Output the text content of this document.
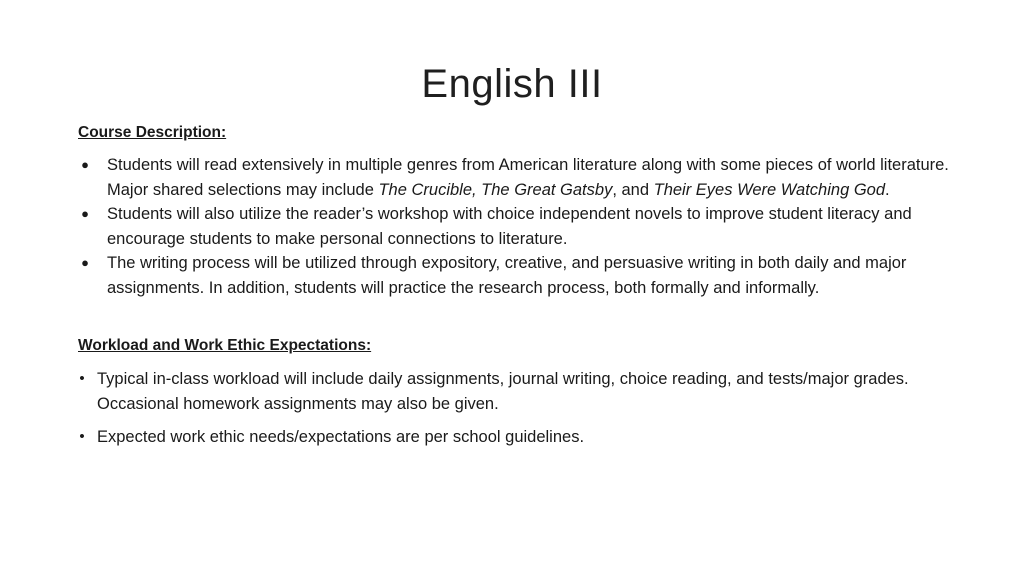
English III

Course Description:

● Students will read extensively in multiple genres from American literature along with some pieces of world literature. Major shared selections may include The Crucible, The Great Gatsby, and Their Eyes Were Watching God.
● Students will also utilize the reader’s workshop with choice independent novels to improve student literacy and encourage students to make personal connections to literature.
● The writing process will be utilized through expository, creative, and persuasive writing in both daily and major assignments. In addition, students will practice the research process, both formally and informally.

Workload and Work Ethic Expectations:

• Typical in-class workload will include daily assignments, journal writing, choice reading, and tests/major grades. Occasional homework assignments may also be given.
• Expected work ethic needs/expectations are per school guidelines.
